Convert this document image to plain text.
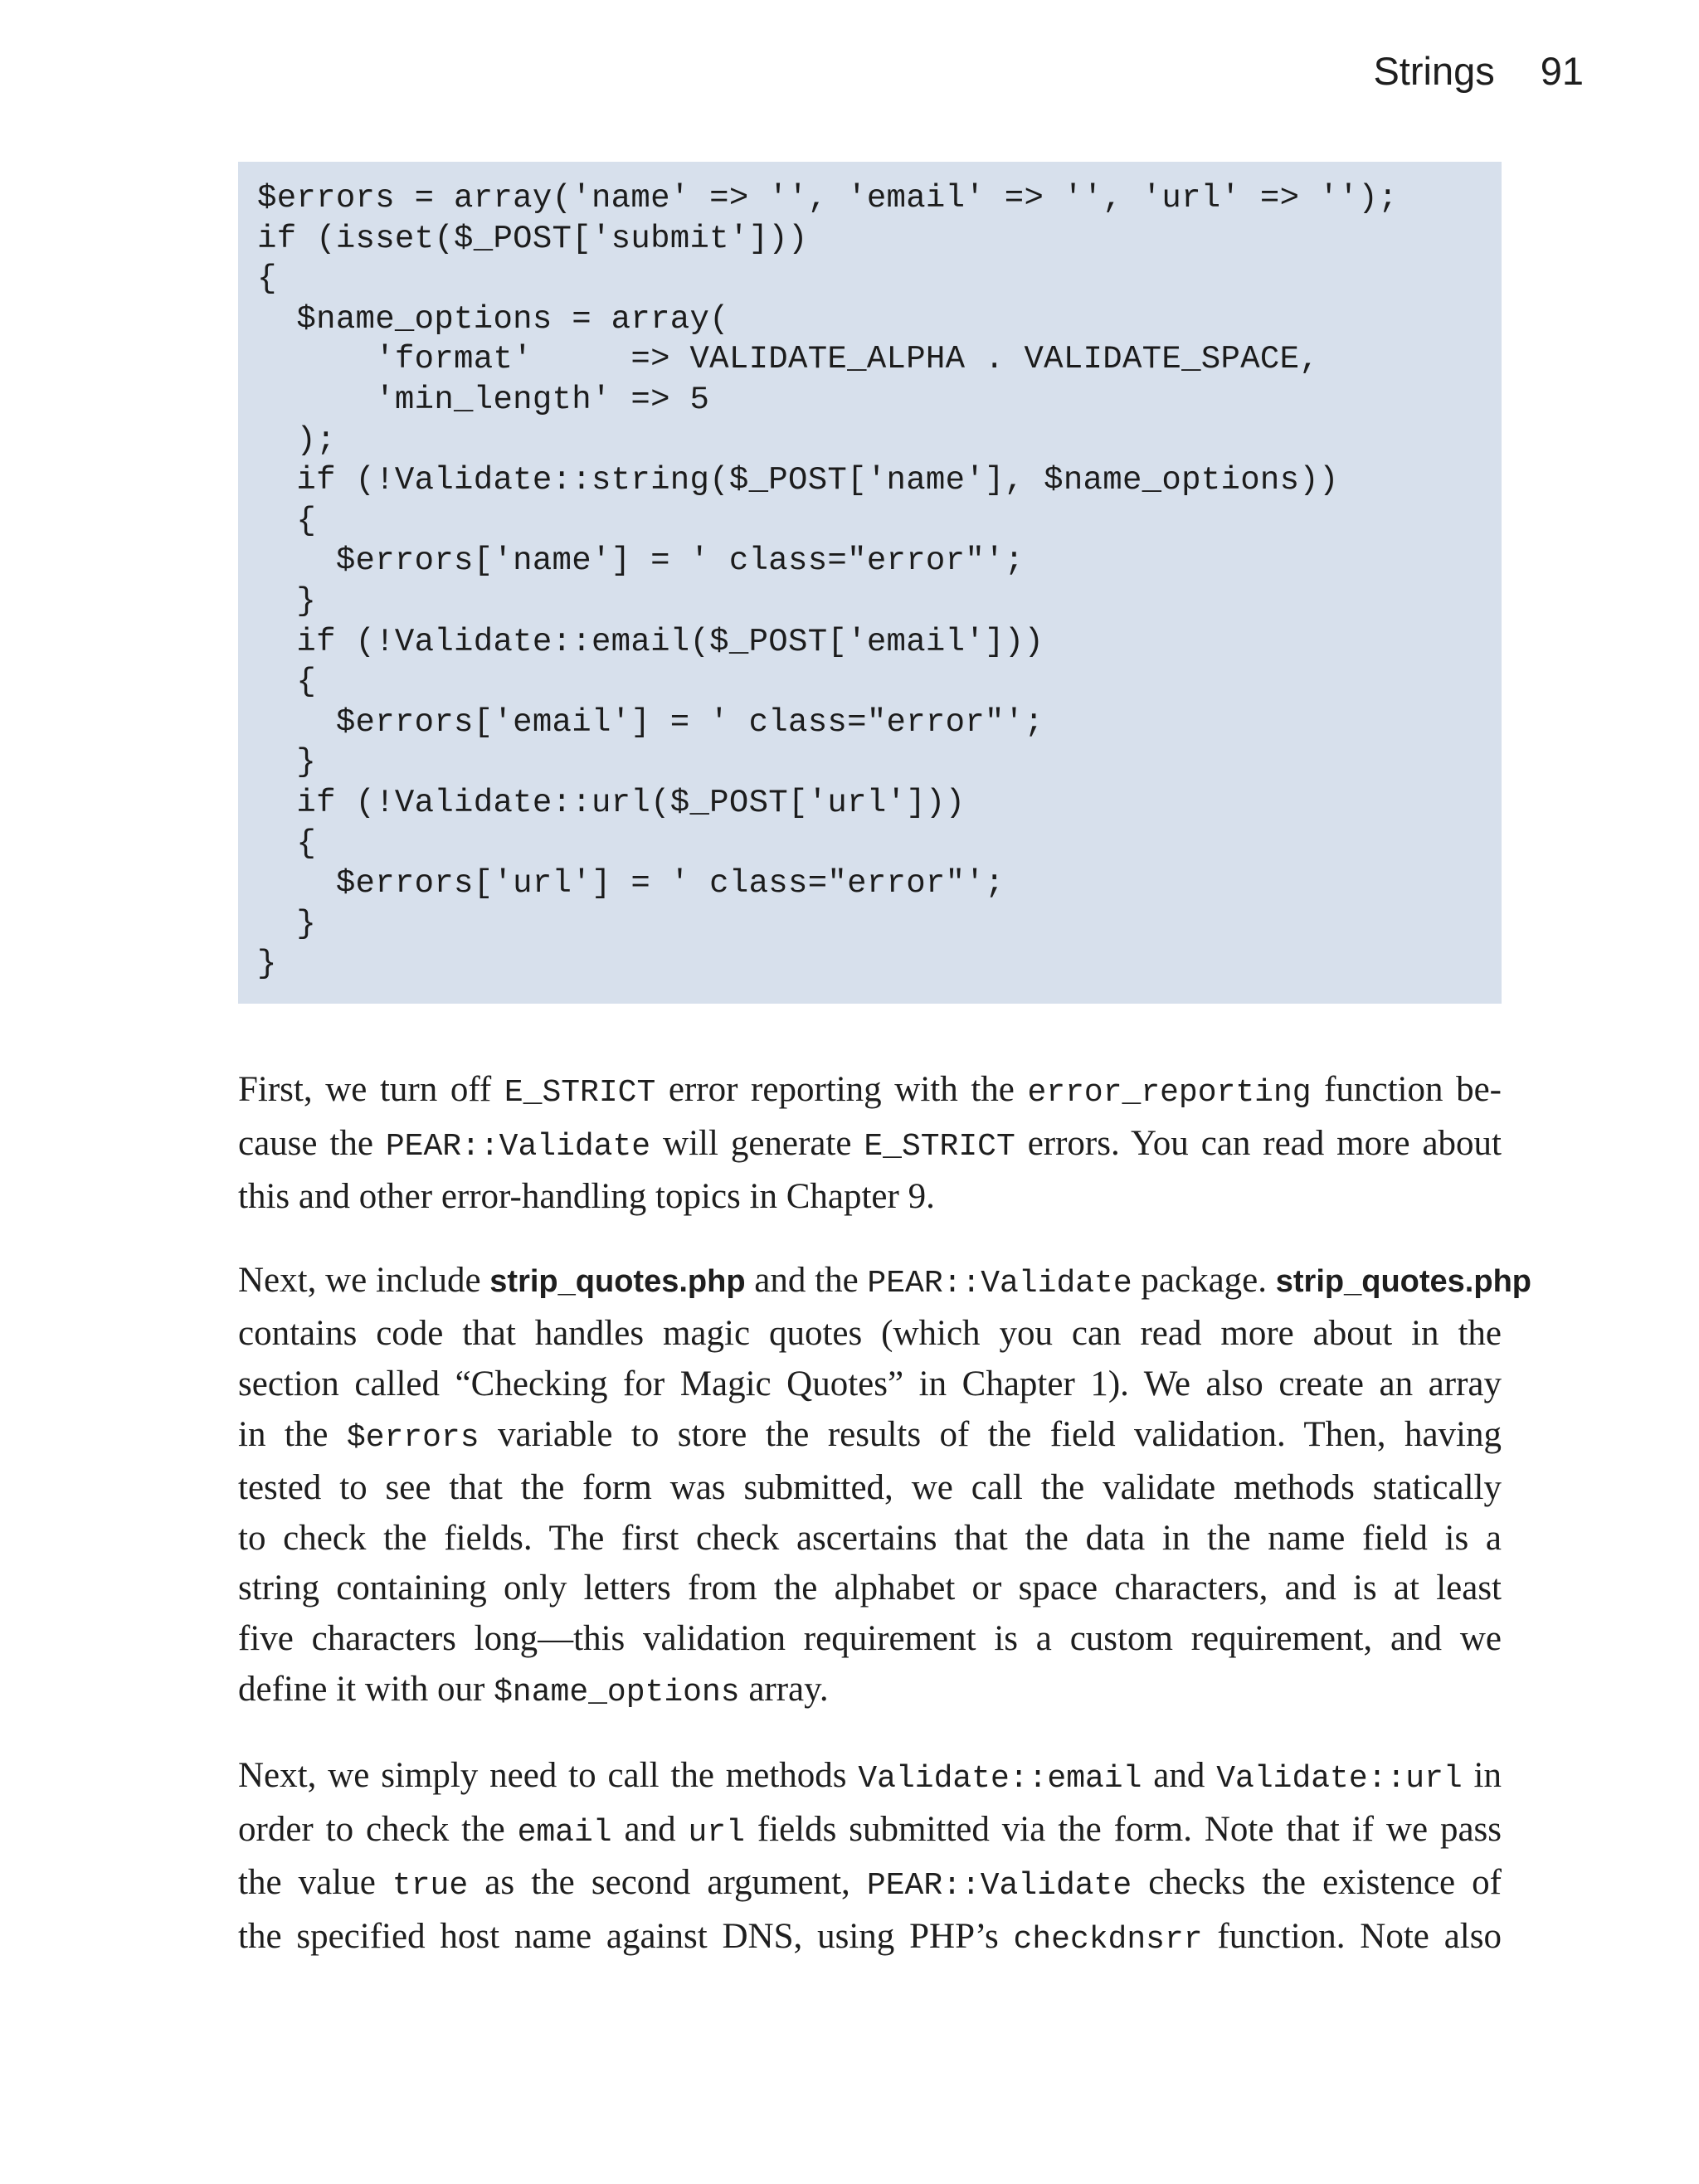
Strings 91
$errors = array('name' => '', 'email' => '', 'url' => '');
if (isset($_POST['submit']))
{
$name_options = array(
'format'     => VALIDATE_ALPHA . VALIDATE_SPACE,
'min_length' => 5
);
if (!Validate::string($_POST['name'], $name_options))
{
$errors['name'] = ' class="error"';
}
if (!Validate::email($_POST['email']))
{
$errors['email'] = ' class="error"';
}
if (!Validate::url($_POST['url']))
{
$errors['url'] = ' class="error"';
}
}

First, we turn off E_STRICT error reporting with the error_reporting function be-
cause the PEAR::Validate will generate E_STRICT errors. You can read more about
this and other error-handling topics in Chapter 9.

Next, we include strip_quotes.php and the PEAR::Validate package. strip_quotes.php
contains code that handles magic quotes (which you can read more about in the
section called “Checking for Magic Quotes” in Chapter 1). We also create an array
in the $errors variable to store the results of the field validation. Then, having
tested to see that the form was submitted, we call the validate methods statically
to check the fields. The first check ascertains that the data in the name field is a
string containing only letters from the alphabet or space characters, and is at least
five characters long—this validation requirement is a custom requirement, and we
define it with our $name_options array.

Next, we simply need to call the methods Validate::email and Validate::url in
order to check the email and url fields submitted via the form. Note that if we pass
the value true as the second argument, PEAR::Validate checks the existence of
the specified host name against DNS, using PHP’s checkdnsrr function. Note also
